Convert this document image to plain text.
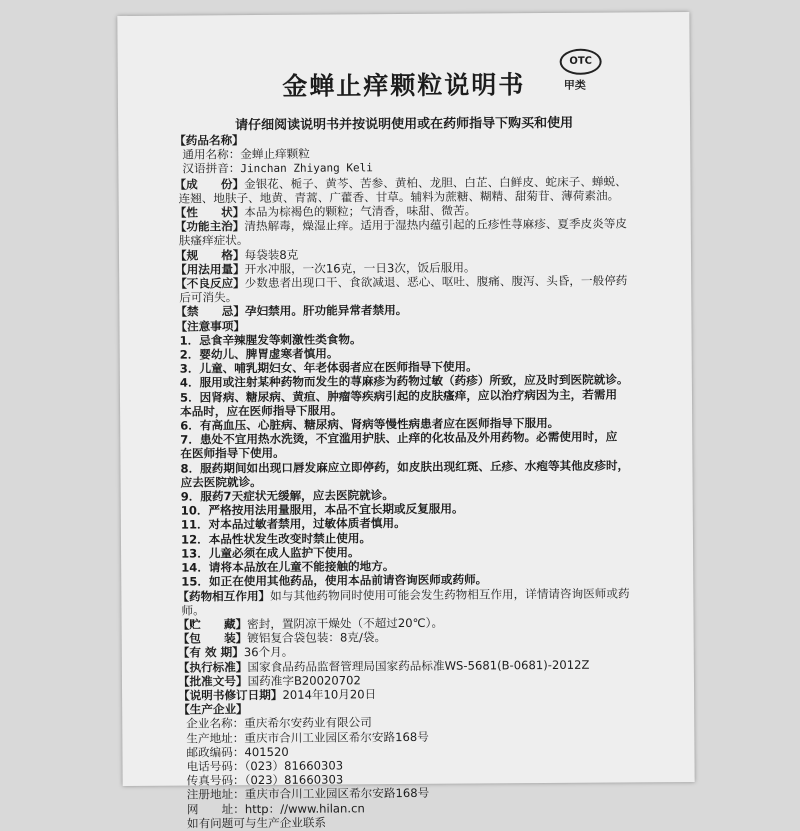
金蝉止痒颗粒说明书
OTC
甲类
请仔细阅读说明书并按说明使用或在药师指导下购买和使用
【药品名称】
通用名称：金蝉止痒颗粒
汉语拼音：Jinchan Zhiyang Keli
【成　　份】金银花、栀子、黄芩、苦参、黄柏、龙胆、白芷、白鲜皮、蛇床子、蝉蜕、
连翘、地肤子、地黄、青蒿、广藿香、甘草。辅料为蔗糖、糊精、甜菊苷、薄荷素油。
【性　　状】本品为棕褐色的颗粒；气清香，味甜、微苦。
【功能主治】清热解毒，燥湿止痒。适用于湿热内蕴引起的丘疹性荨麻疹、夏季皮炎等皮
肤瘙痒症状。
【规　　格】每袋装8克
【用法用量】开水冲服，一次16克，一日3次，饭后服用。
【不良反应】少数患者出现口干、食欲减退、恶心、呕吐、腹痛、腹泻、头昏，一般停药
后可消失。
【禁　　忌】孕妇禁用。肝功能异常者禁用。
【注意事项】
1．忌食辛辣腥发等刺激性类食物。
2．婴幼儿、脾胃虚寒者慎用。
3．儿童、哺乳期妇女、年老体弱者应在医师指导下使用。
4．服用或注射某种药物而发生的荨麻疹为药物过敏（药疹）所致，应及时到医院就诊。
5．因肾病、糖尿病、黄疸、肿瘤等疾病引起的皮肤瘙痒，应以治疗病因为主，若需用
本品时，应在医师指导下服用。
6．有高血压、心脏病、糖尿病、肾病等慢性病患者应在医师指导下服用。
7．患处不宜用热水洗烫，不宜滥用护肤、止痒的化妆品及外用药物。必需使用时，应
在医师指导下使用。
8．服药期间如出现口唇发麻应立即停药，如皮肤出现红斑、丘疹、水疱等其他皮疹时，
应去医院就诊。
9．服药7天症状无缓解，应去医院就诊。
10．严格按用法用量服用，本品不宜长期或反复服用。
11．对本品过敏者禁用，过敏体质者慎用。
12．本品性状发生改变时禁止使用。
13．儿童必须在成人监护下使用。
14．请将本品放在儿童不能接触的地方。
15．如正在使用其他药品，使用本品前请咨询医师或药师。
【药物相互作用】如与其他药物同时使用可能会发生药物相互作用，详情请咨询医师或药
师。
【贮　　藏】密封，置阴凉干燥处（不超过20℃）。
【包　　装】镀铝复合袋包装：8克/袋。
【有 效 期】36个月。
【执行标准】国家食品药品监督管理局国家药品标准WS-5681(B-0681)-2012Z
【批准文号】国药准字B20020702
【说明书修订日期】2014年10月20日
【生产企业】
企业名称：重庆希尔安药业有限公司
生产地址：重庆市合川工业园区希尔安路168号
邮政编码：401520
电话号码：（023）81660303
传真号码：（023）81660303
注册地址：重庆市合川工业园区希尔安路168号
网　　址：http：//www.hilan.cn
如有问题可与生产企业联系
